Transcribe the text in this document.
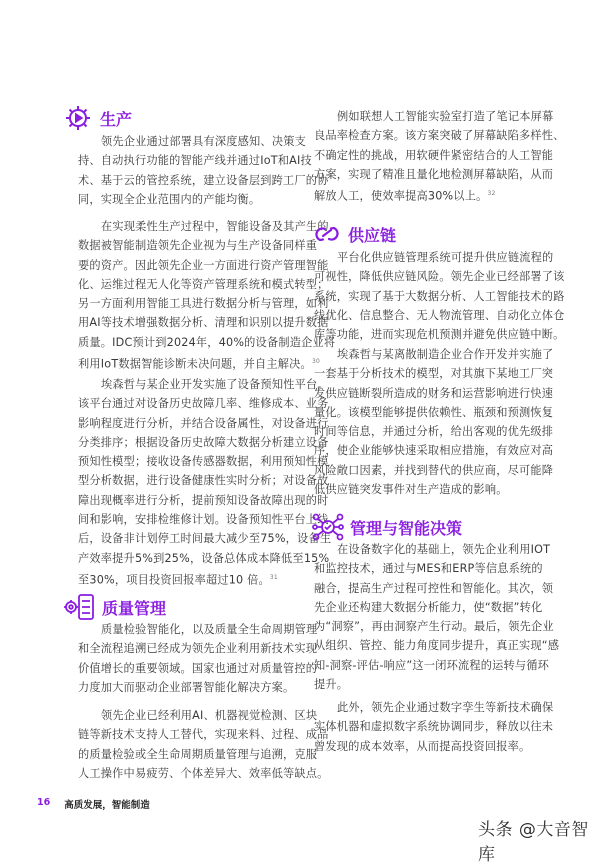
生产
领先企业通过部署具有深度感知、决策支
持、自动执行功能的智能产线并通过IoT和AI技
术、基于云的管控系统，建立设备层到跨工厂的协
同，实现全企业范围内的产能均衡。
在实现柔性生产过程中，智能设备及其产生的
数据被智能制造领先企业视为与生产设备同样重
要的资产。因此领先企业一方面进行资产管理智能
化、运维过程无人化等资产管理系统和模式转型；
另一方面利用智能工具进行数据分析与管理，如利
用AI等技术增强数据分析、清理和识别以提升数据
质量。IDC预计到2024年，40%的设备制造企业将
利用IoT数据智能诊断未决问题，并自主解决。$^{30}$
埃森哲与某企业开发实施了设备预知性平台。
该平台通过对设备历史故障几率、维修成本、业务
影响程度进行分析，并结合设备属性，对设备进行
分类排序；根据设备历史故障大数据分析建立设备
预知性模型；接收设备传感器数据，利用预知性模
型分析数据，进行设备健康性实时分析；对设备故
障出现概率进行分析，提前预知设备故障出现的时
间和影响，安排检维修计划。设备预知性平台上线
后，设备非计划停工时间最大减少至75%，设备生
产效率提升5%到25%，设备总体成本降低至15%
至30%，项目投资回报率超过10 倍。$^{31}$
质量管理
质量检验智能化，以及质量全生命周期管理
和全流程追溯已经成为领先企业利用新技术实现
价值增长的重要领域。国家也通过对质量管控的
力度加大而驱动企业部署智能化解决方案。
领先企业已经利用AI、机器视觉检测、区块
链等新技术支持人工替代，实现来料、过程、成品
的质量检验或全生命周期质量管理与追溯，克服
人工操作中易疲劳、个体差异大、效率低等缺点。
例如联想人工智能实验室打造了笔记本屏幕
良品率检查方案。该方案突破了屏幕缺陷多样性、
不确定性的挑战，用软硬件紧密结合的人工智能
方案，实现了精准且量化地检测屏幕缺陷，从而
解放人工，使效率提高30%以上。$^{32}$
供应链
平台化供应链管理系统可提升供应链流程的
可视性，降低供应链风险。领先企业已经部署了该
系统，实现了基于大数据分析、人工智能技术的路
线优化、信息整合、无人物流管理、自动化立体仓
库等功能，进而实现危机预测并避免供应链中断。
埃森哲与某离散制造企业合作开发并实施了
一套基于分析技术的模型，对其旗下某地工厂突
发供应链断裂所造成的财务和运营影响进行快速
量化。该模型能够提供依赖性、瓶颈和预测恢复
时间等信息，并通过分析，给出客观的优先级排
序，使企业能够快速采取相应措施，有效应对高
风险敞口因素，并找到替代的供应商，尽可能降
低供应链突发事件对生产造成的影响。
管理与智能决策
在设备数字化的基础上，领先企业利用IOT
和监控技术，通过与MES和ERP等信息系统的
融合，提高生产过程可控性和智能化。其次，领
先企业还构建大数据分析能力，使“数据”转化
为“洞察”，再由洞察产生行动。最后，领先企业
从组织、管控、能力角度同步提升，真正实现“感
知-洞察-评估-响应”这一闭环流程的运转与循环
提升。
此外，领先企业通过数字孪生等新技术确保
实体机器和虚拟数字系统协调同步，释放以往未
曾发现的成本效率，从而提高投资回报率。
16 高质发展，智能制造
头条 @大音智库
